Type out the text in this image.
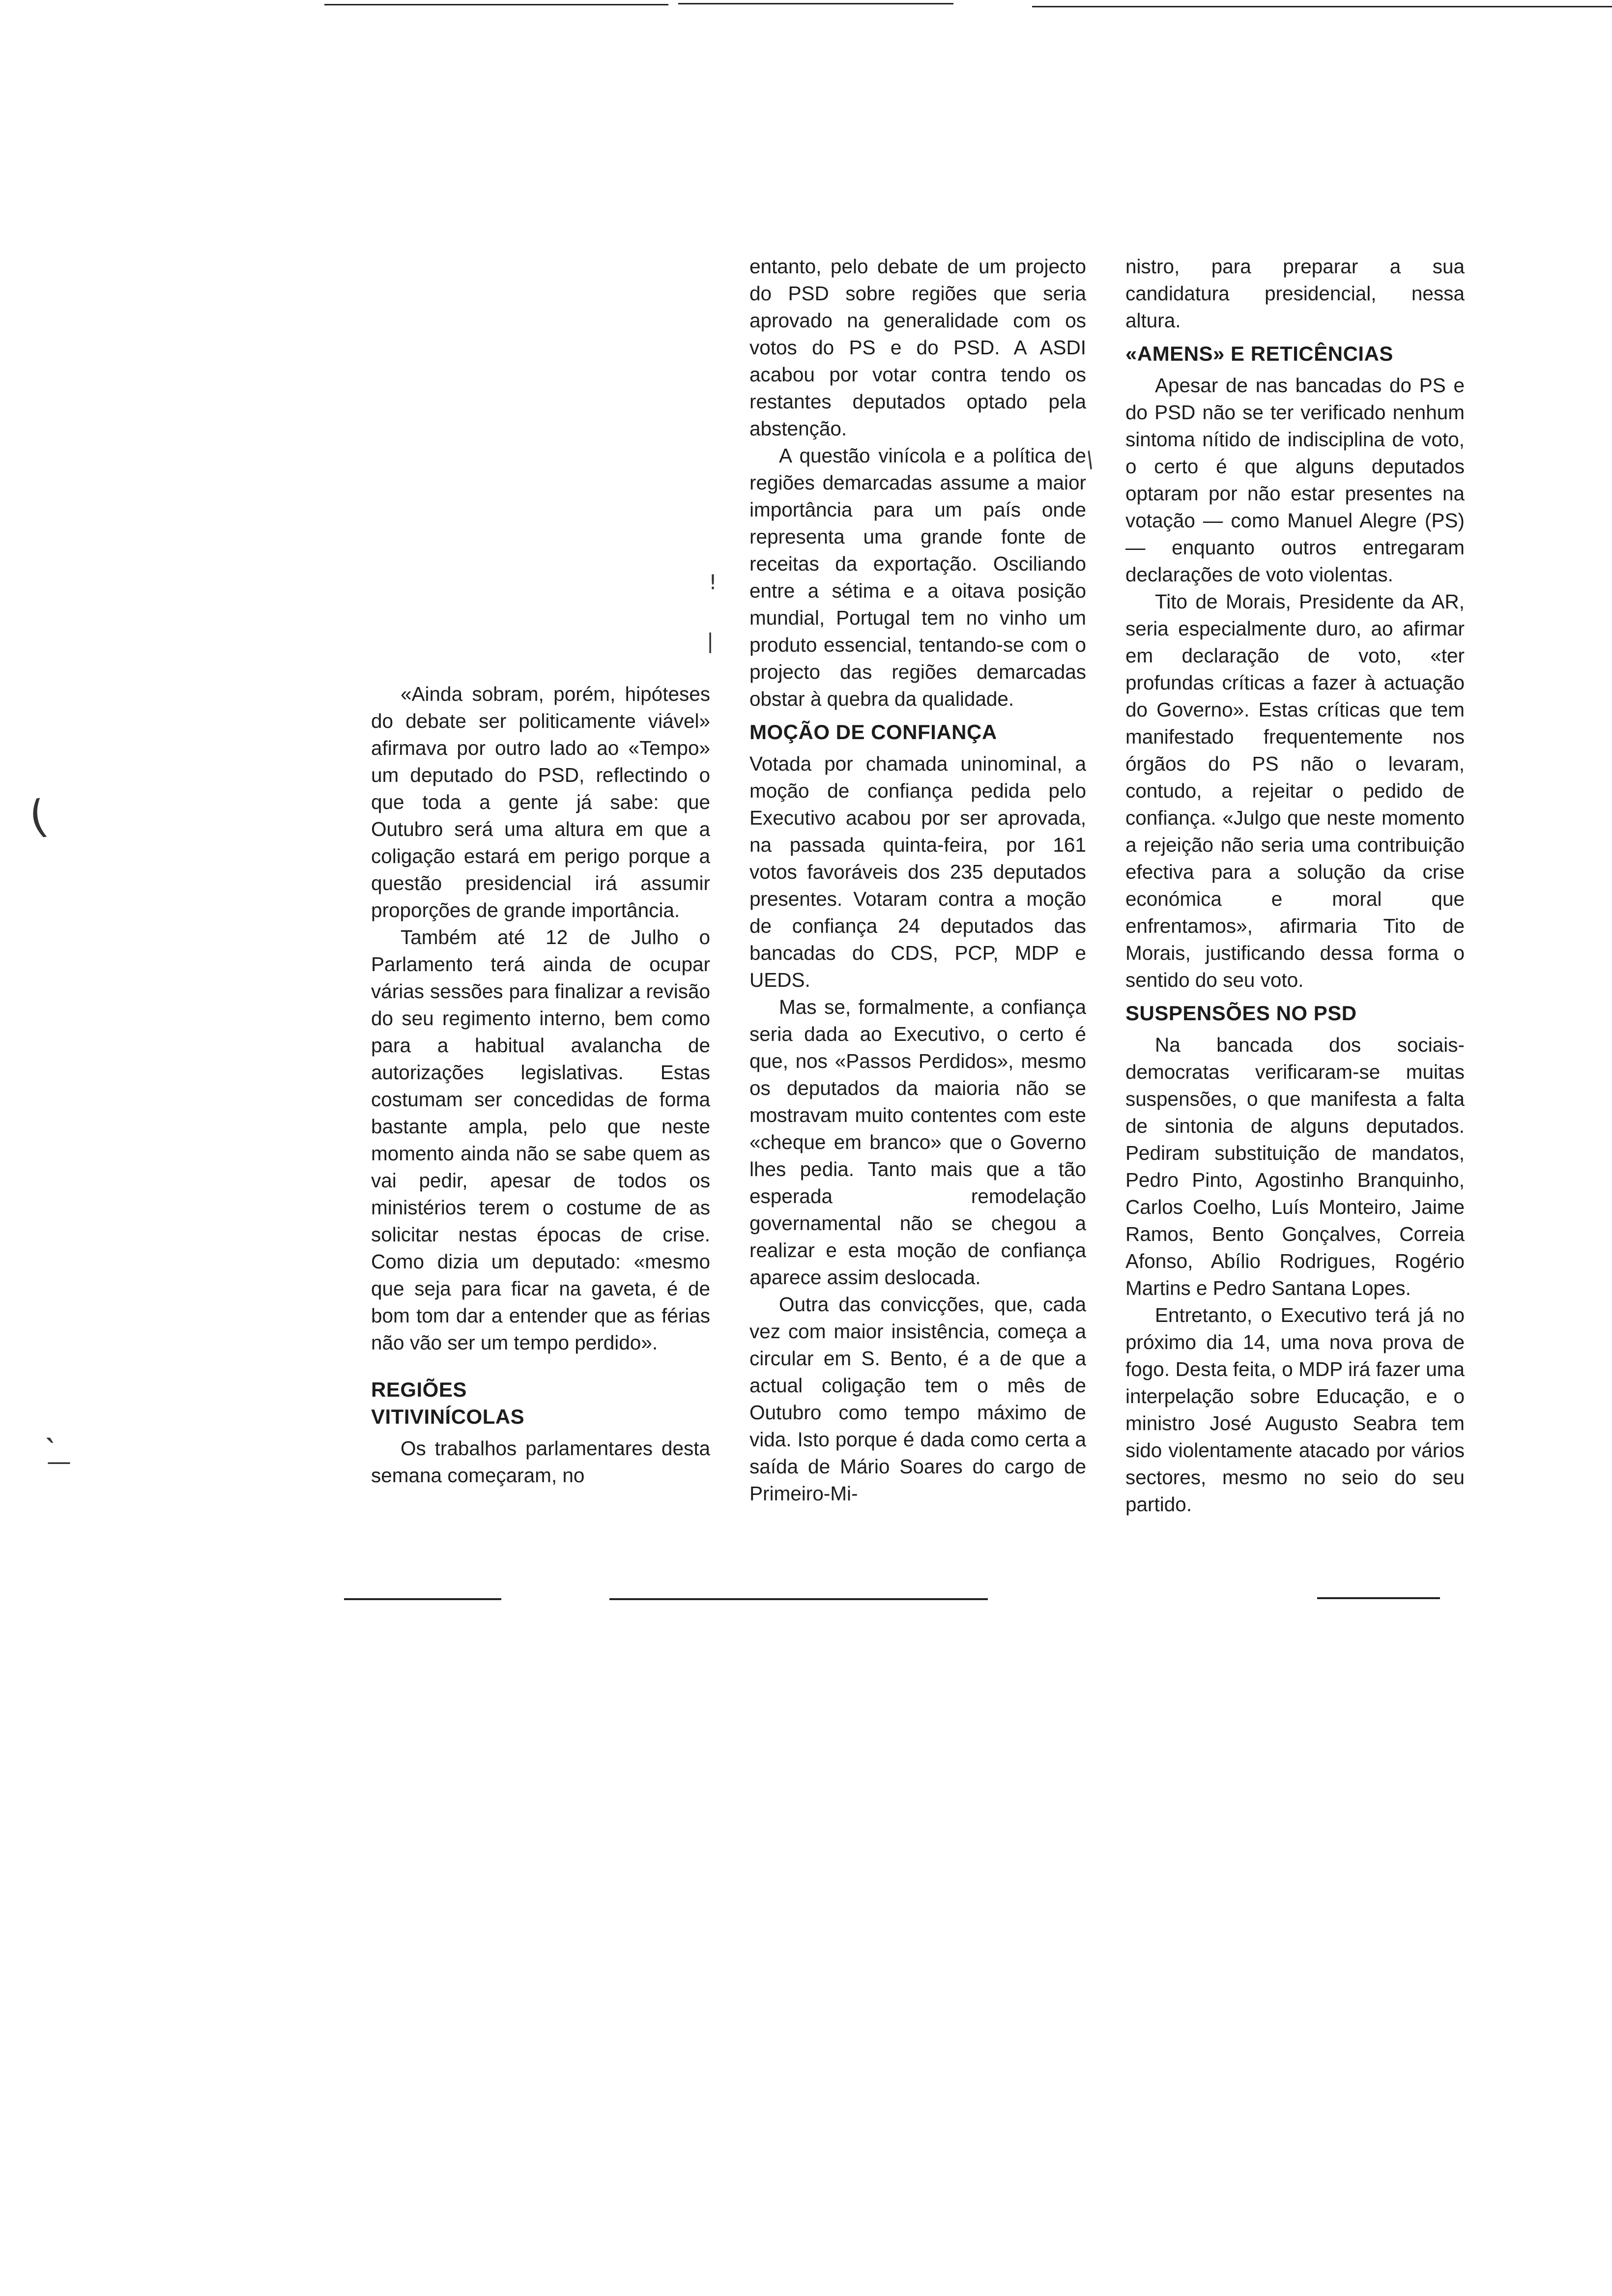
(
˴
—
!
|
/

«Ainda sobram, porém, hipóteses do debate ser politicamente viável» afirmava por outro lado ao «Tempo» um deputado do PSD, reflectindo o que toda a gente já sabe: que Outubro será uma altura em que a coligação estará em perigo porque a questão presidencial irá assumir proporções de grande importância.

Também até 12 de Julho o Parlamento terá ainda de ocupar várias sessões para finalizar a revisão do seu regimento interno, bem como para a habitual avalancha de autorizações legislativas. Estas costumam ser concedidas de forma bastante ampla, pelo que neste momento ainda não se sabe quem as vai pedir, apesar de todos os ministérios terem o costume de as solicitar nestas épocas de crise. Como dizia um deputado: «mesmo que seja para ficar na gaveta, é de bom tom dar a entender que as férias não vão ser um tempo perdido».

REGIÕES VITIVINÍCOLAS

Os trabalhos parlamentares desta semana começaram, no

entanto, pelo debate de um projecto do PSD sobre regiões que seria aprovado na generalidade com os votos do PS e do PSD. A ASDI acabou por votar contra tendo os restantes deputados optado pela abstenção.

A questão vinícola e a política de regiões demarcadas assume a maior importância para um país onde representa uma grande fonte de receitas da exportação. Osciliando entre a sétima e a oitava posição mundial, Portugal tem no vinho um produto essencial, tentando-se com o projecto das regiões demarcadas obstar à quebra da qualidade.

MOÇÃO DE CONFIANÇA

Votada por chamada uninominal, a moção de confiança pedida pelo Executivo acabou por ser aprovada, na passada quinta-feira, por 161 votos favoráveis dos 235 deputados presentes. Votaram contra a moção de confiança 24 deputados das bancadas do CDS, PCP, MDP e UEDS.

Mas se, formalmente, a confiança seria dada ao Executivo, o certo é que, nos «Passos Perdidos», mesmo os deputados da maioria não se mostravam muito contentes com este «cheque em branco» que o Governo lhes pedia. Tanto mais que a tão esperada remodelação governamental não se chegou a realizar e esta moção de confiança aparece assim deslocada.

Outra das convicções, que, cada vez com maior insistência, começa a circular em S. Bento, é a de que a actual coligação tem o mês de Outubro como tempo máximo de vida. Isto porque é dada como certa a saída de Mário Soares do cargo de Primeiro-Mi-

nistro, para preparar a sua candidatura presidencial, nessa altura.

«AMENS» E RETICÊNCIAS

Apesar de nas bancadas do PS e do PSD não se ter verificado nenhum sintoma nítido de indisciplina de voto, o certo é que alguns deputados optaram por não estar presentes na votação — como Manuel Alegre (PS) — enquanto outros entregaram declarações de voto violentas.

Tito de Morais, Presidente da AR, seria especialmente duro, ao afirmar em declaração de voto, «ter profundas críticas a fazer à actuação do Governo». Estas críticas que tem manifestado frequentemente nos órgãos do PS não o levaram, contudo, a rejeitar o pedido de confiança. «Julgo que neste momento a rejeição não seria uma contribuição efectiva para a solução da crise económica e moral que enfrentamos», afirmaria Tito de Morais, justificando dessa forma o sentido do seu voto.

SUSPENSÕES NO PSD

Na bancada dos sociais-democratas verificaram-se muitas suspensões, o que manifesta a falta de sintonia de alguns deputados. Pediram substituição de mandatos, Pedro Pinto, Agostinho Branquinho, Carlos Coelho, Luís Monteiro, Jaime Ramos, Bento Gonçalves, Correia Afonso, Abílio Rodrigues, Rogério Martins e Pedro Santana Lopes.

Entretanto, o Executivo terá já no próximo dia 14, uma nova prova de fogo. Desta feita, o MDP irá fazer uma interpelação sobre Educação, e o ministro José Augusto Seabra tem sido violentamente atacado por vários sectores, mesmo no seio do seu partido.
